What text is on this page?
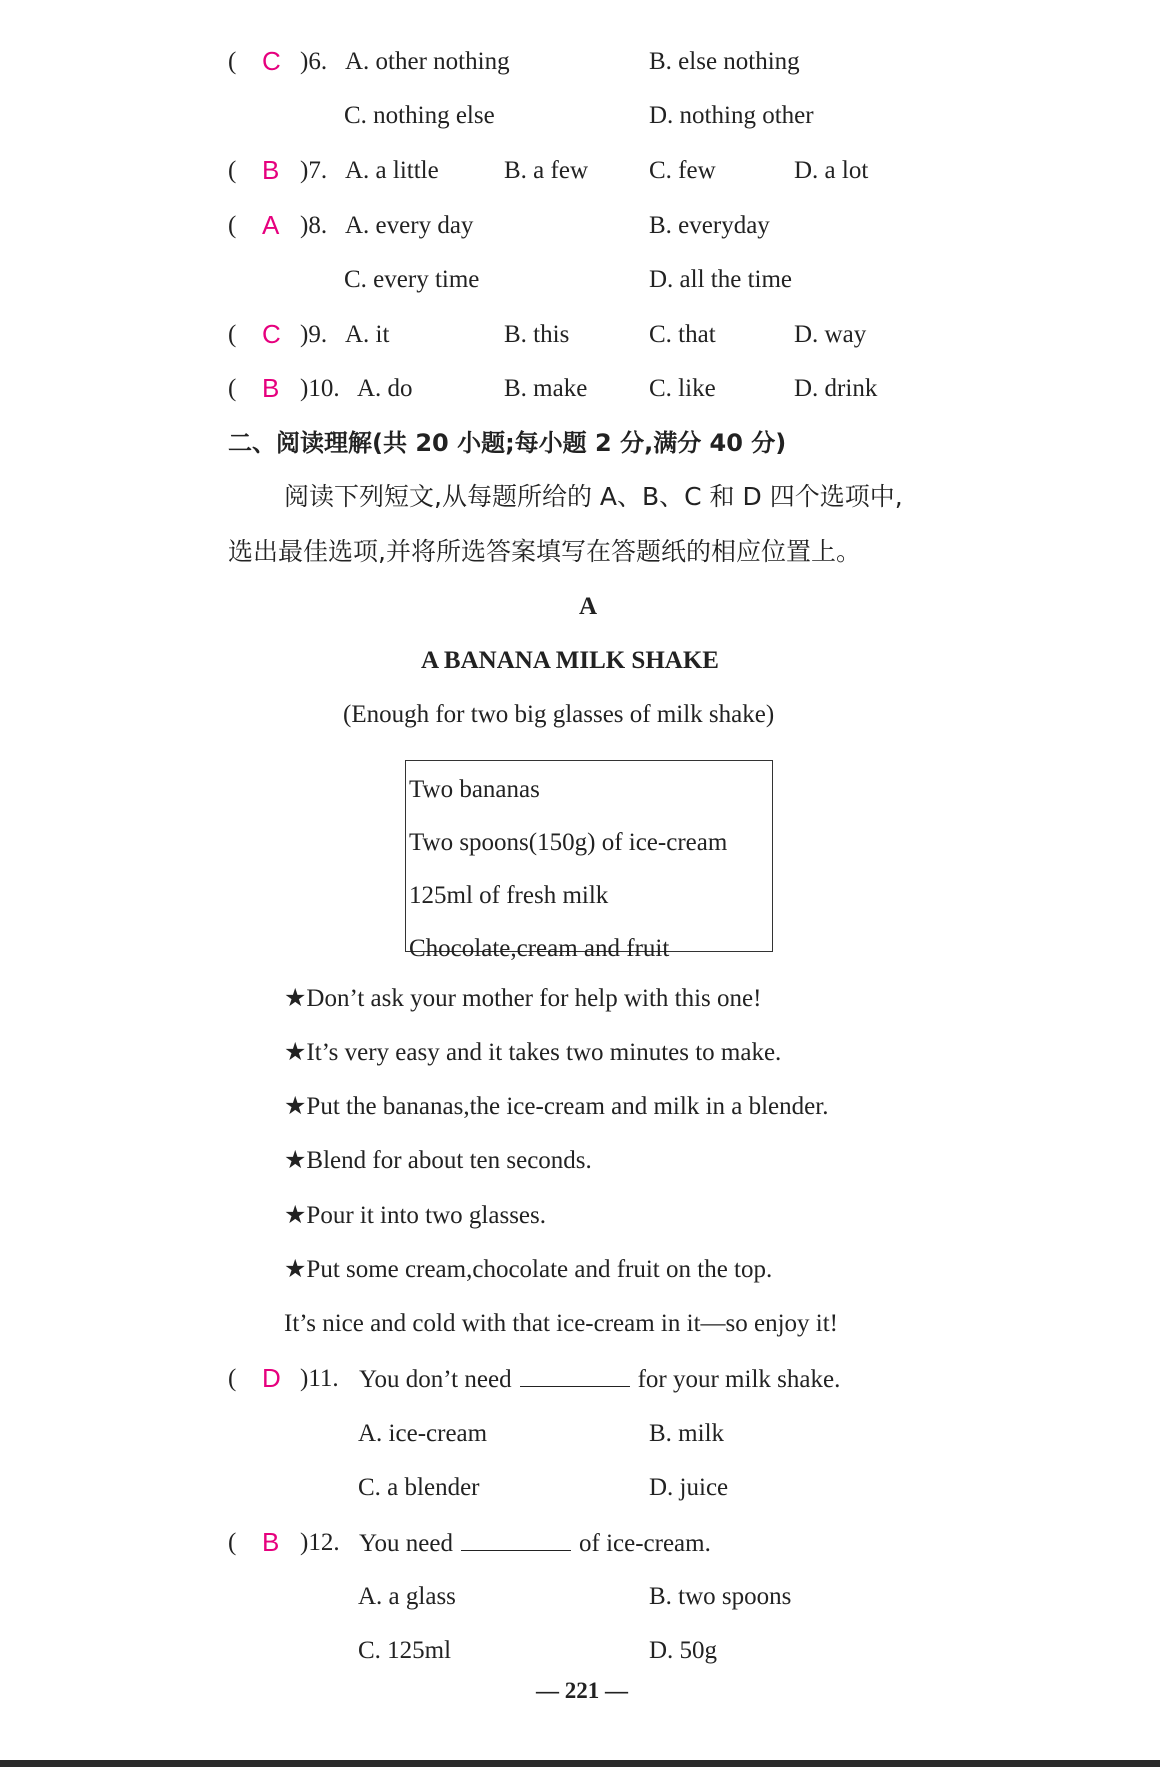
( C )6. A. other nothing	B. else nothing
C. nothing else	D. nothing other
( B )7. A. a little	B. a few C. few	D. a lot
( A )8. A. every day	B. everyday
C. every time	D. all the time
( C )9. A. it	B. this	C. that	D. way
( B )10. A. do	B. make C. like	D. drink
二、阅读理解(共 20 小题;每小题 2 分,满分 40 分)
阅读下列短文,从每题所给的 A、B、C 和 D 四个选项中,
选出最佳选项,并将所选答案填写在答题纸的相应位置上。
A
A BANANA MILK SHAKE
(Enough for two big glasses of milk shake)
Two bananas
Two spoons(150g) of ice-cream
125ml of fresh milk
Chocolate,cream and fruit
★Don’t ask your mother for help with this one!
★It’s very easy and it takes two minutes to make.
★Put the bananas,the ice-cream and milk in a blender.
★Blend for about ten seconds.
★Pour it into two glasses.
★Put some cream,chocolate and fruit on the top.
It’s nice and cold with that ice-cream in it—so enjoy it!
( D )11. You don’t need	for your milk shake.
A. ice-cream	B. milk
C. a blender	D. juice
( B )12. You need	of ice-cream.
A. a glass	B. two spoons
C. 125ml	D. 50g
— 221 —
